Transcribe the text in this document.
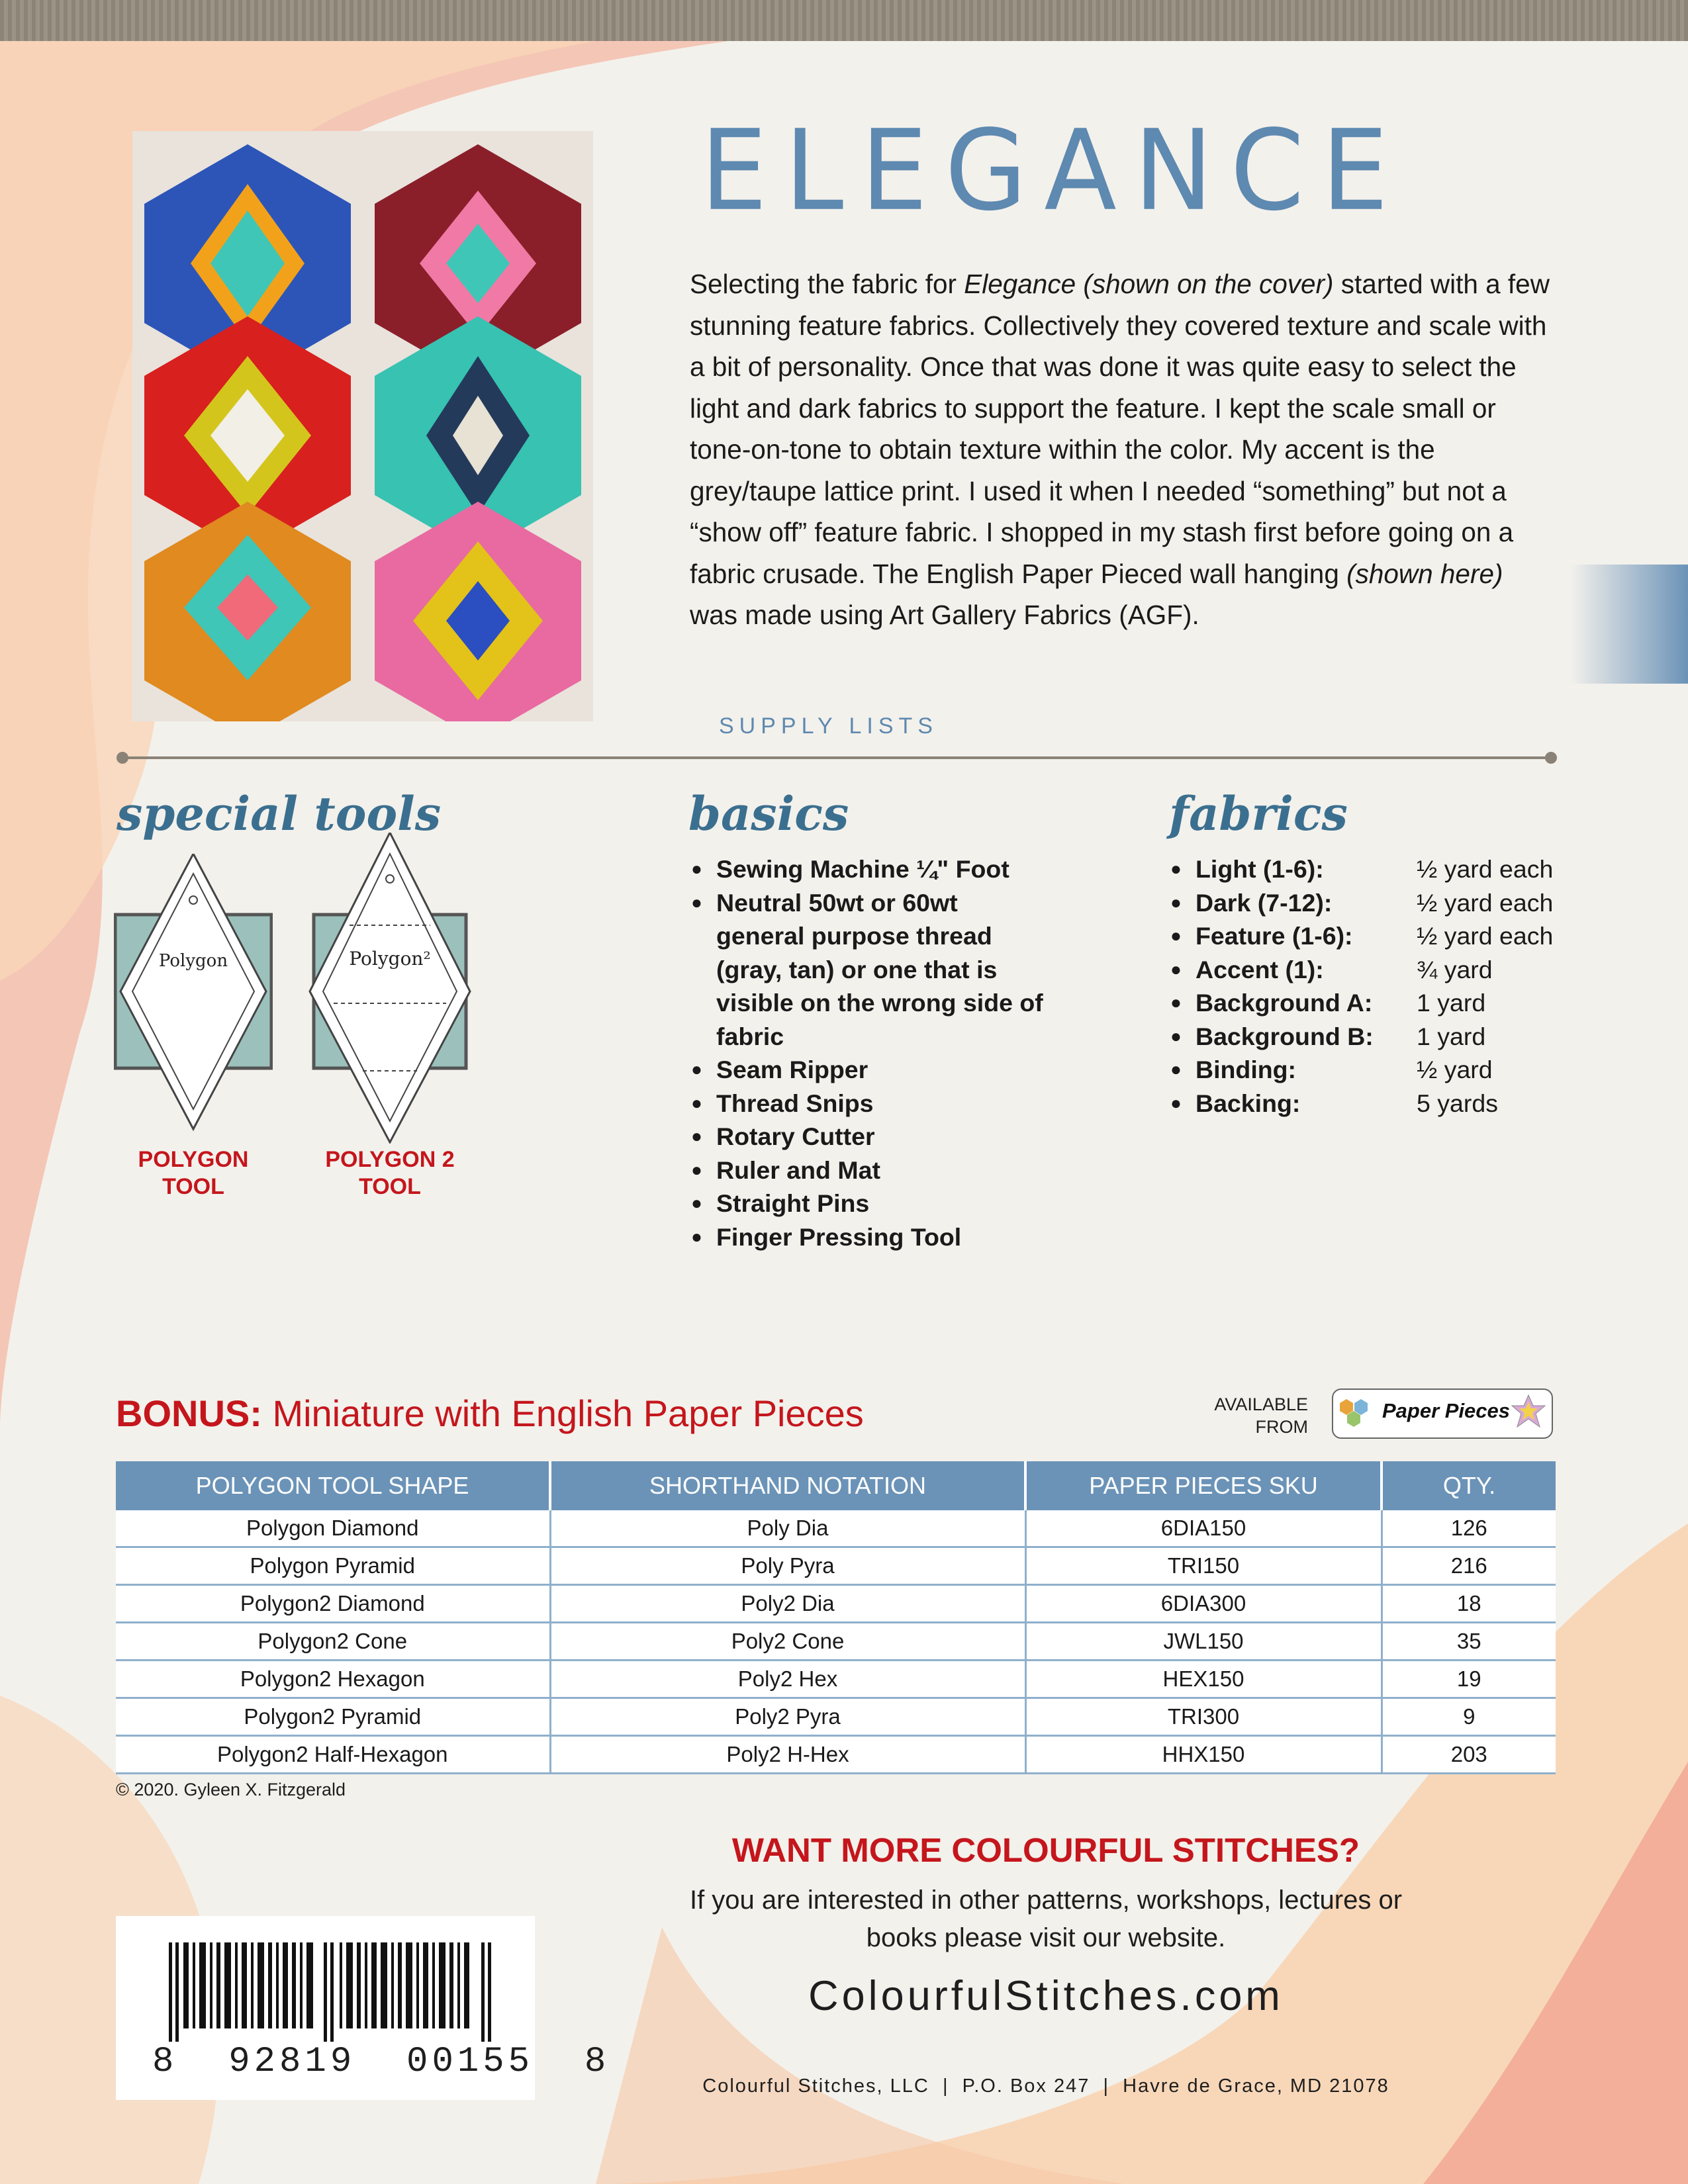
ELEGANCE
Selecting the fabric for Elegance (shown on the cover) started with a few stunning feature fabrics. Collectively they covered texture and scale with a bit of personality. Once that was done it was quite easy to select the light and dark fabrics to support the feature. I kept the scale small or tone-on-tone to obtain texture within the color. My accent is the grey/taupe lattice print. I used it when I needed “something” but not a “show off” feature fabric. I shopped in my stash first before going on a fabric crusade. The English Paper Pieced wall hanging (shown here) was made using Art Gallery Fabrics (AGF).
SUPPLY LISTS
special tools
Polygon	Polygon²
POLYGON
TOOL
POLYGON 2
TOOL
basics
● Sewing Machine ¼" Foot
● Neutral 50wt or 60wt general purpose thread (gray, tan) or one that is visible on the wrong side of fabric
● Seam Ripper
● Thread Snips
● Rotary Cutter
● Ruler and Mat
● Straight Pins
● Finger Pressing Tool
fabrics
● Light (1-6):	½ yard each
● Dark (7-12):	½ yard each
● Feature (1-6):	½ yard each
● Accent (1):	¾ yard
● Background A:	1 yard
● Background B:	1 yard
● Binding:	½ yard
● Backing:	5 yards
BONUS: Miniature with English Paper Pieces	AVAILABLE
FROM
Paper Pieces
POLYGON TOOL SHAPE	SHORTHAND NOTATION	PAPER PIECES SKU	QTY.
Polygon Diamond	Poly Dia	6DIA150	126
Polygon Pyramid	Poly Pyra	TRI150	216
Polygon2 Diamond	Poly2 Dia	6DIA300	18
Polygon2 Cone	Poly2 Cone	JWL150	35
Polygon2 Hexagon	Poly2 Hex	HEX150	19
Polygon2 Pyramid	Poly2 Pyra	TRI300	9
Polygon2 Half-Hexagon	Poly2 H-Hex	HHX150	203
© 2020. Gyleen X. Fitzgerald
WANT MORE COLOURFUL STITCHES?
If you are interested in other patterns, workshops, lectures or books please visit our website.
ColourfulStitches.com
Colourful Stitches, LLC  |  P.O. Box 247  |  Havre de Grace, MD 21078
8  92819  00155  8
